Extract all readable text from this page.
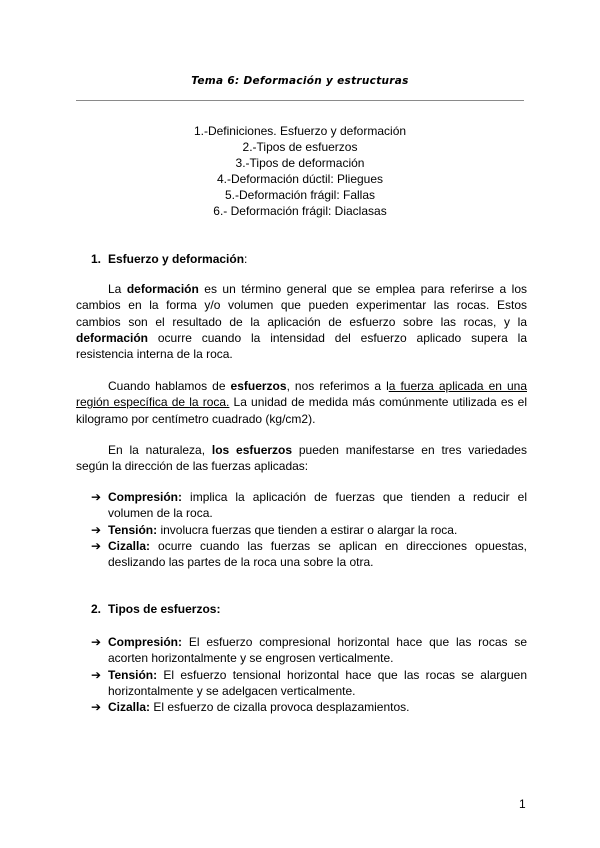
Tema 6: Deformación y estructuras
1.-Definiciones. Esfuerzo y deformación
2.-Tipos de esfuerzos
3.-Tipos de deformación
4.-Deformación dúctil: Pliegues
5.-Deformación frágil: Fallas
6.- Deformación frágil: Diaclasas
1. Esfuerzo y deformación:

La deformación es un término general que se emplea para referirse a los cambios en la forma y/o volumen que pueden experimentar las rocas. Estos cambios son el resultado de la aplicación de esfuerzo sobre las rocas, y la deformación ocurre cuando la intensidad del esfuerzo aplicado supera la resistencia interna de la roca.

Cuando hablamos de esfuerzos, nos referimos a la fuerza aplicada en una región específica de la roca. La unidad de medida más comúnmente utilizada es el kilogramo por centímetro cuadrado (kg/cm2).

En la naturaleza, los esfuerzos pueden manifestarse en tres variedades según la dirección de las fuerzas aplicadas:

➔ Compresión: implica la aplicación de fuerzas que tienden a reducir el volumen de la roca.
➔ Tensión: involucra fuerzas que tienden a estirar o alargar la roca.
➔ Cizalla: ocurre cuando las fuerzas se aplican en direcciones opuestas, deslizando las partes de la roca una sobre la otra.
2. Tipos de esfuerzos:
➔ Compresión: El esfuerzo compresional horizontal hace que las rocas se acorten horizontalmente y se engrosen verticalmente.
➔ Tensión: El esfuerzo tensional horizontal hace que las rocas se alarguen horizontalmente y se adelgacen verticalmente.
➔ Cizalla: El esfuerzo de cizalla provoca desplazamientos.
1
